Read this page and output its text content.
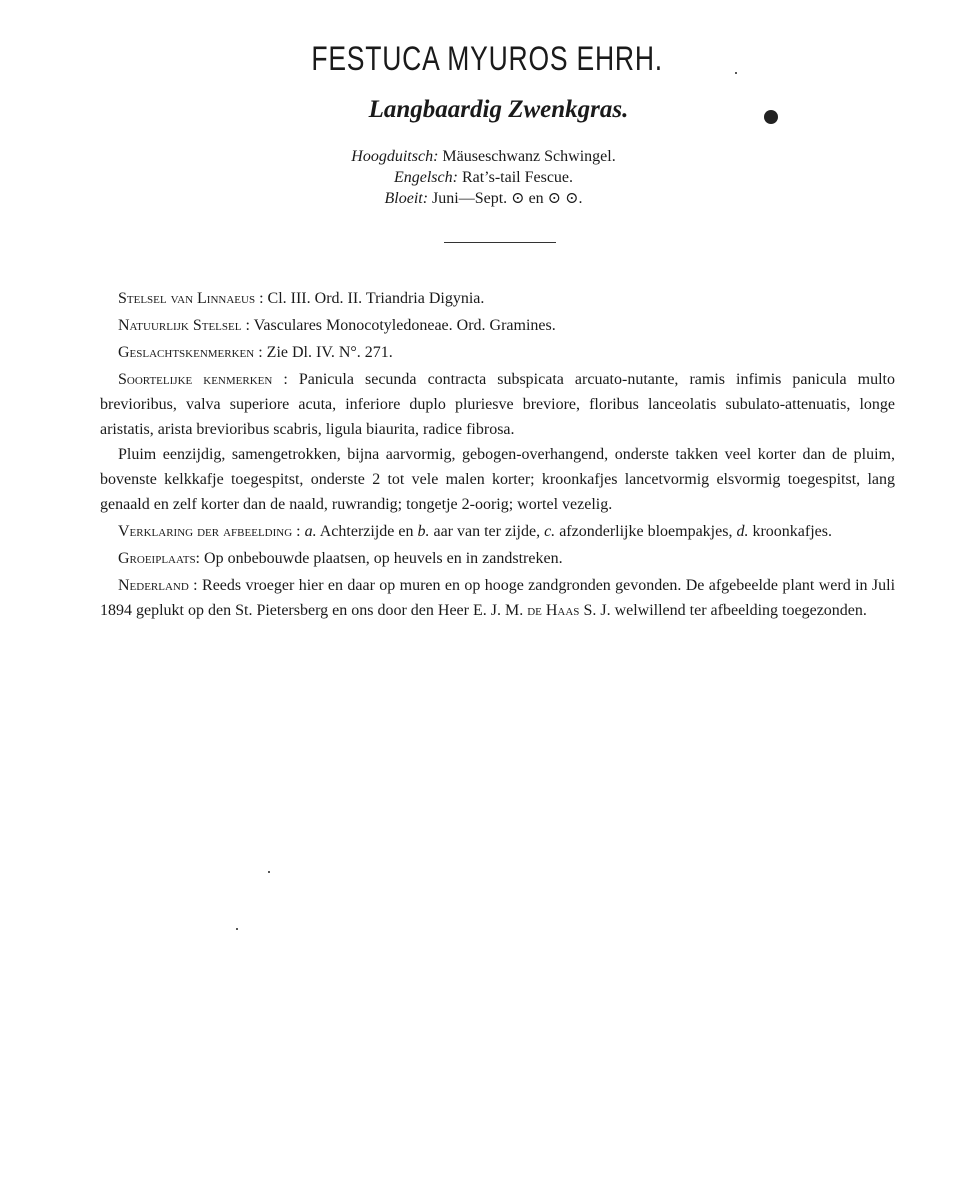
FESTUCA MYUROS EHRH.
Langbaardig Zwenkgras.
Hoogduitsch: Mäuseschwanz Schwingel.
Engelsch: Rat’s-tail Fescue.
Bloeit: Juni—Sept. ⊙ en ⊙ ⊙.

Stelsel van Linnaeus : Cl. III. Ord. II. Triandria Digynia.

Natuurlijk Stelsel : Vasculares Monocotyledoneae. Ord. Gramines.

Geslachtskenmerken : Zie Dl. IV. N°. 271.

Soortelijke kenmerken : Panicula secunda contracta subspicata arcuato-nutante, ramis infimis panicula multo brevioribus, valva superiore acuta, inferiore duplo pluriesve breviore, floribus lanceolatis subulato-attenuatis, longe aristatis, arista brevioribus scabris, ligula biaurita, radice fibrosa.

Pluim eenzijdig, samengetrokken, bijna aarvormig, gebogen-overhangend, onderste takken veel korter dan de pluim, bovenste kelkkafje toegespitst, onderste 2 tot vele malen korter; kroonkafjes lancetvormig elsvormig toegespitst, lang genaald en zelf korter dan de naald, ruwrandig; tongetje 2-oorig; wortel vezelig.

Verklaring der afbeelding : a. Achterzijde en b. aar van ter zijde, c. afzonderlijke bloempakjes, d. kroonkafjes.

Groeiplaats: Op onbebouwde plaatsen, op heuvels en in zandstreken.

Nederland : Reeds vroeger hier en daar op muren en op hooge zandgronden gevonden. De afgebeelde plant werd in Juli 1894 geplukt op den St. Pietersberg en ons door den Heer E. J. M. de Haas S. J. welwillend ter afbeelding toegezonden.
